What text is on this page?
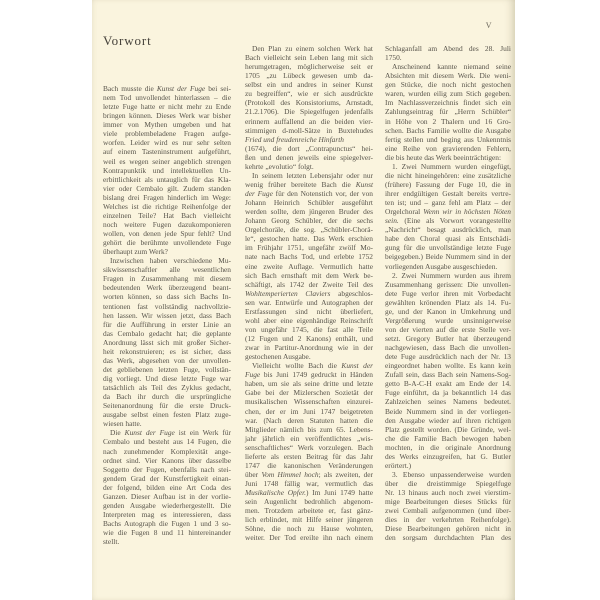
V
Vorwort
Bach musste die Kunst der Fuge bei sei-
nem Tod unvollendet hinterlassen – die
letzte Fuge hatte er nicht mehr zu Ende
bringen können. Dieses Werk war bisher
immer von Mythen umgeben und hat
viele problembeladene Fragen aufge-
worfen. Leider wird es nur sehr selten
auf einem Tasteninstrument aufgeführt,
weil es wegen seiner angeblich strengen
Kontrapunktik und intellektuellen Un-
erbittlichkeit als untauglich für das Kla-
vier oder Cembalo gilt. Zudem standen
bislang drei Fragen hinderlich im Wege:
Welches ist die richtige Reihenfolge der
einzelnen Teile? Hat Bach vielleicht
noch weitere Fugen dazukomponieren
wollen, von denen jede Spur fehlt? Und
gehört die berühmte unvollendete Fuge
überhaupt zum Werk?
Inzwischen haben verschiedene Mu-
sikwissenschaftler alle wesentlichen
Fragen in Zusammenhang mit diesem
bedeutenden Werk überzeugend beant-
worten können, so dass sich Bachs In-
tentionen fast vollständig nachvollzie-
hen lassen. Wir wissen jetzt, dass Bach
für die Aufführung in erster Linie an
das Cembalo gedacht hat; die geplante
Anordnung lässt sich mit großer Sicher-
heit rekonstruieren; es ist sicher, dass
das Werk, abgesehen von der unvollen-
det gebliebenen letzten Fuge, vollstän-
dig vorliegt. Und diese letzte Fuge war
tatsächlich als Teil des Zyklus gedacht,
da Bach ihr durch die ursprüngliche
Seitenanordnung für die erste Druck-
ausgabe selbst einen festen Platz zuge-
wiesen hatte.
Die Kunst der Fuge ist ein Werk für
Cembalo und besteht aus 14 Fugen, die
nach zunehmender Komplexität ange-
ordnet sind. Vier Kanons über dasselbe
Soggetto der Fugen, ebenfalls nach stei-
gendem Grad der Kunstfertigkeit einan-
der folgend, bilden eine Art Coda des
Ganzen. Dieser Aufbau ist in der vorlie-
genden Ausgabe wiederhergestellt. Die
Interpreten mag es interessieren, dass
Bachs Autograph die Fugen 1 und 3 so-
wie die Fugen 8 und 11 hintereinander
stellt.
Den Plan zu einem solchen Werk hat
Bach vielleicht sein Leben lang mit sich
herumgetragen, möglicherweise seit er
1705 „zu Lübeck gewesen umb da-
selbst ein und andres in seiner Kunst
zu begreiffen“, wie er sich ausdrückte
(Protokoll des Konsistoriums, Arnstadt,
21.2.1706). Die Spiegelfugen jedenfalls
erinnern auffallend an die beiden vier-
stimmigen d-moll-Sätze in Buxtehudes
Fried und freudenreiche Hinfarth
(1674), die dort „Contrapunctus“ hei-
ßen und denen jeweils eine spiegelver-
kehrte „evolutio“ folgt.
In seinem letzten Lebensjahr oder nur
wenig früher bereitete Bach die Kunst
der Fuge für den Notenstich vor, der von
Johann Heinrich Schübler ausgeführt
werden sollte, dem jüngeren Bruder des
Johann Georg Schübler, der die sechs
Orgelchoräle, die sog. „Schübler-Chorä-
le“, gestochen hatte. Das Werk erschien
im Frühjahr 1751, ungefähr zwölf Mo-
nate nach Bachs Tod, und erlebte 1752
eine zweite Auflage. Vermutlich hatte
sich Bach ernsthaft mit dem Werk be-
schäftigt, als 1742 der Zweite Teil des
Wohltemperierten Claviers abgeschlos-
sen war. Entwürfe und Autographen der
Erstfassungen sind nicht überliefert,
wohl aber eine eigenhändige Reinschrift
von ungefähr 1745, die fast alle Teile
(12 Fugen und 2 Kanons) enthält, und
zwar in Partitur-Anordnung wie in der
gestochenen Ausgabe.
Vielleicht wollte Bach die Kunst der
Fuge bis Juni 1749 gedruckt in Händen
haben, um sie als seine dritte und letzte
Gabe bei der Mizlerschen Sozietät der
musikalischen Wissenschaften einzurei-
chen, der er im Juni 1747 beigetreten
war. (Nach deren Statuten hatten die
Mitglieder nämlich bis zum 65. Lebens-
jahr jährlich ein veröffentlichtes „wis-
senschaftliches“ Werk vorzulegen. Bach
lieferte als ersten Beitrag für das Jahr
1747 die kanonischen Veränderungen
über Vom Himmel hoch; als zweiten, der
Juni 1748 fällig war, vermutlich das
Musikalische Opfer.) Im Juni 1749 hatte
sein Augenlicht bedrohlich abgenom-
men. Trotzdem arbeitete er, fast gänz-
lich erblindet, mit Hilfe seiner jüngeren
Söhne, die noch zu Hause wohnten,
weiter. Der Tod ereilte ihn nach einem
Schlaganfall am Abend des 28. Juli
1750.
Anscheinend kannte niemand seine
Absichten mit diesem Werk. Die weni-
gen Stücke, die noch nicht gestochen
waren, wurden eilig zum Stich gegeben.
Im Nachlassverzeichnis findet sich ein
Zahlungseintrag für „Herrn Schübler“
in Höhe von 2 Thalern und 16 Gro-
schen. Bachs Familie wollte die Ausgabe
fertig stellen und beging aus Unkenntnis
eine Reihe von gravierenden Fehlern,
die bis heute das Werk beeinträchtigen:
1. Zwei Nummern wurden eingefügt,
die nicht hineingehören: eine zusätzliche
(frühere) Fassung der Fuge 10, die in
ihrer endgültigen Gestalt bereits vertre-
ten ist; und – ganz fehl am Platz – der
Orgelchoral Wenn wir in höchsten Nöten
sein. (Eine als Vorwort vorangestellte
„Nachricht“ besagt ausdrücklich, man
habe den Choral quasi als Entschädi-
gung für die unvollständige letzte Fuge
beigegeben.) Beide Nummern sind in der
vorliegenden Ausgabe ausgeschieden.
2. Zwei Nummern wurden aus ihrem
Zusammenhang gerissen: Die unvollen-
dete Fuge verlor ihren mit Vorbedacht
gewählten krönenden Platz als 14. Fu-
ge, und der Kanon in Umkehrung und
Vergrößerung wurde unsinnigerweise
von der vierten auf die erste Stelle ver-
setzt. Gregory Butler hat überzeugend
nachgewiesen, dass Bach die unvollen-
dete Fuge ausdrücklich nach der Nr. 13
eingeordnet haben wollte. Es kann kein
Zufall sein, dass Bach sein Namens-Sog-
getto B-A-C-H exakt am Ende der 14.
Fuge einführt, da ja bekanntlich 14 das
Zahlzeichen seines Namens bedeutet.
Beide Nummern sind in der vorliegen-
den Ausgabe wieder auf ihren richtigen
Platz gestellt worden. (Die Gründe, wel-
che die Familie Bach bewogen haben
mochten, in die originale Anordnung
des Werks einzugreifen, hat G. Butler
erörtert.)
3. Ebenso unpassenderweise wurden
über die dreistimmige Spiegelfuge
Nr. 13 hinaus auch noch zwei vierstim-
mige Bearbeitungen dieses Stücks für
zwei Cembali aufgenommen (und über-
dies in der verkehrten Reihenfolge).
Diese Bearbeitungen gehören nicht in
den sorgsam durchdachten Plan des
